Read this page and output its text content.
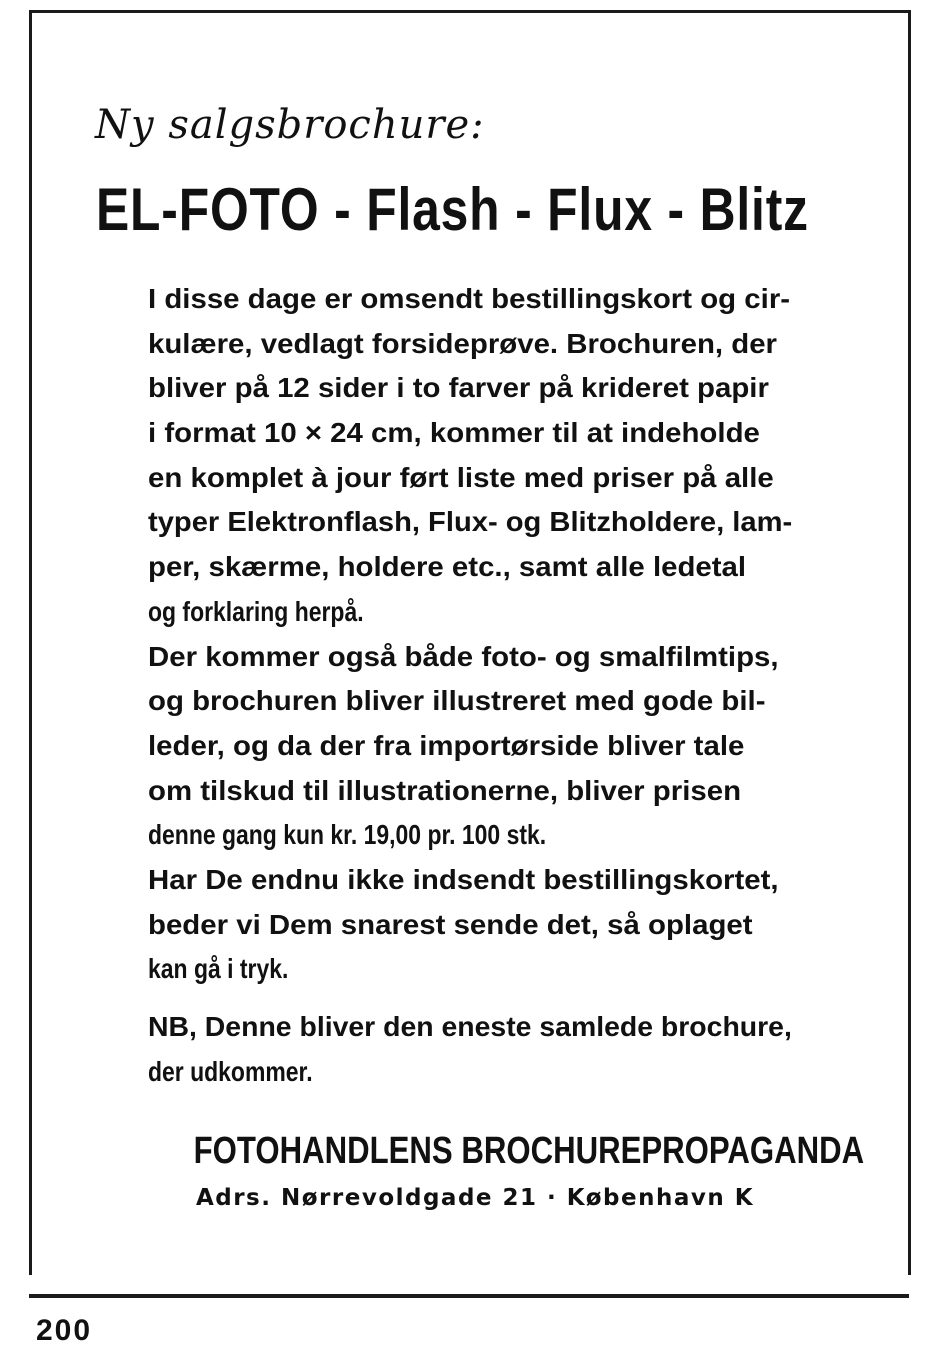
Ny salgsbrochure:
EL-FOTO - Flash - Flux - Blitz
I disse dage er omsendt bestillingskort og cir-
kulære, vedlagt forsideprøve. Brochuren, der
bliver på 12 sider i to farver på krideret papir
i format 10 × 24 cm, kommer til at indeholde
en komplet à jour ført liste med priser på alle
typer Elektronflash, Flux- og Blitzholdere, lam-
per, skærme, holdere etc., samt alle ledetal
og forklaring herpå.
Der kommer også både foto- og smalfilmtips,
og brochuren bliver illustreret med gode bil-
leder, og da der fra importørside bliver tale
om tilskud til illustrationerne, bliver prisen
denne gang kun kr. 19,00 pr. 100 stk.
Har De endnu ikke indsendt bestillingskortet,
beder vi Dem snarest sende det, så oplaget
kan gå i tryk.
NB, Denne bliver den eneste samlede brochure,
der udkommer.
FOTOHANDLENS BROCHUREPROPAGANDA
Adrs. Nørrevoldgade 21 · København K
200
